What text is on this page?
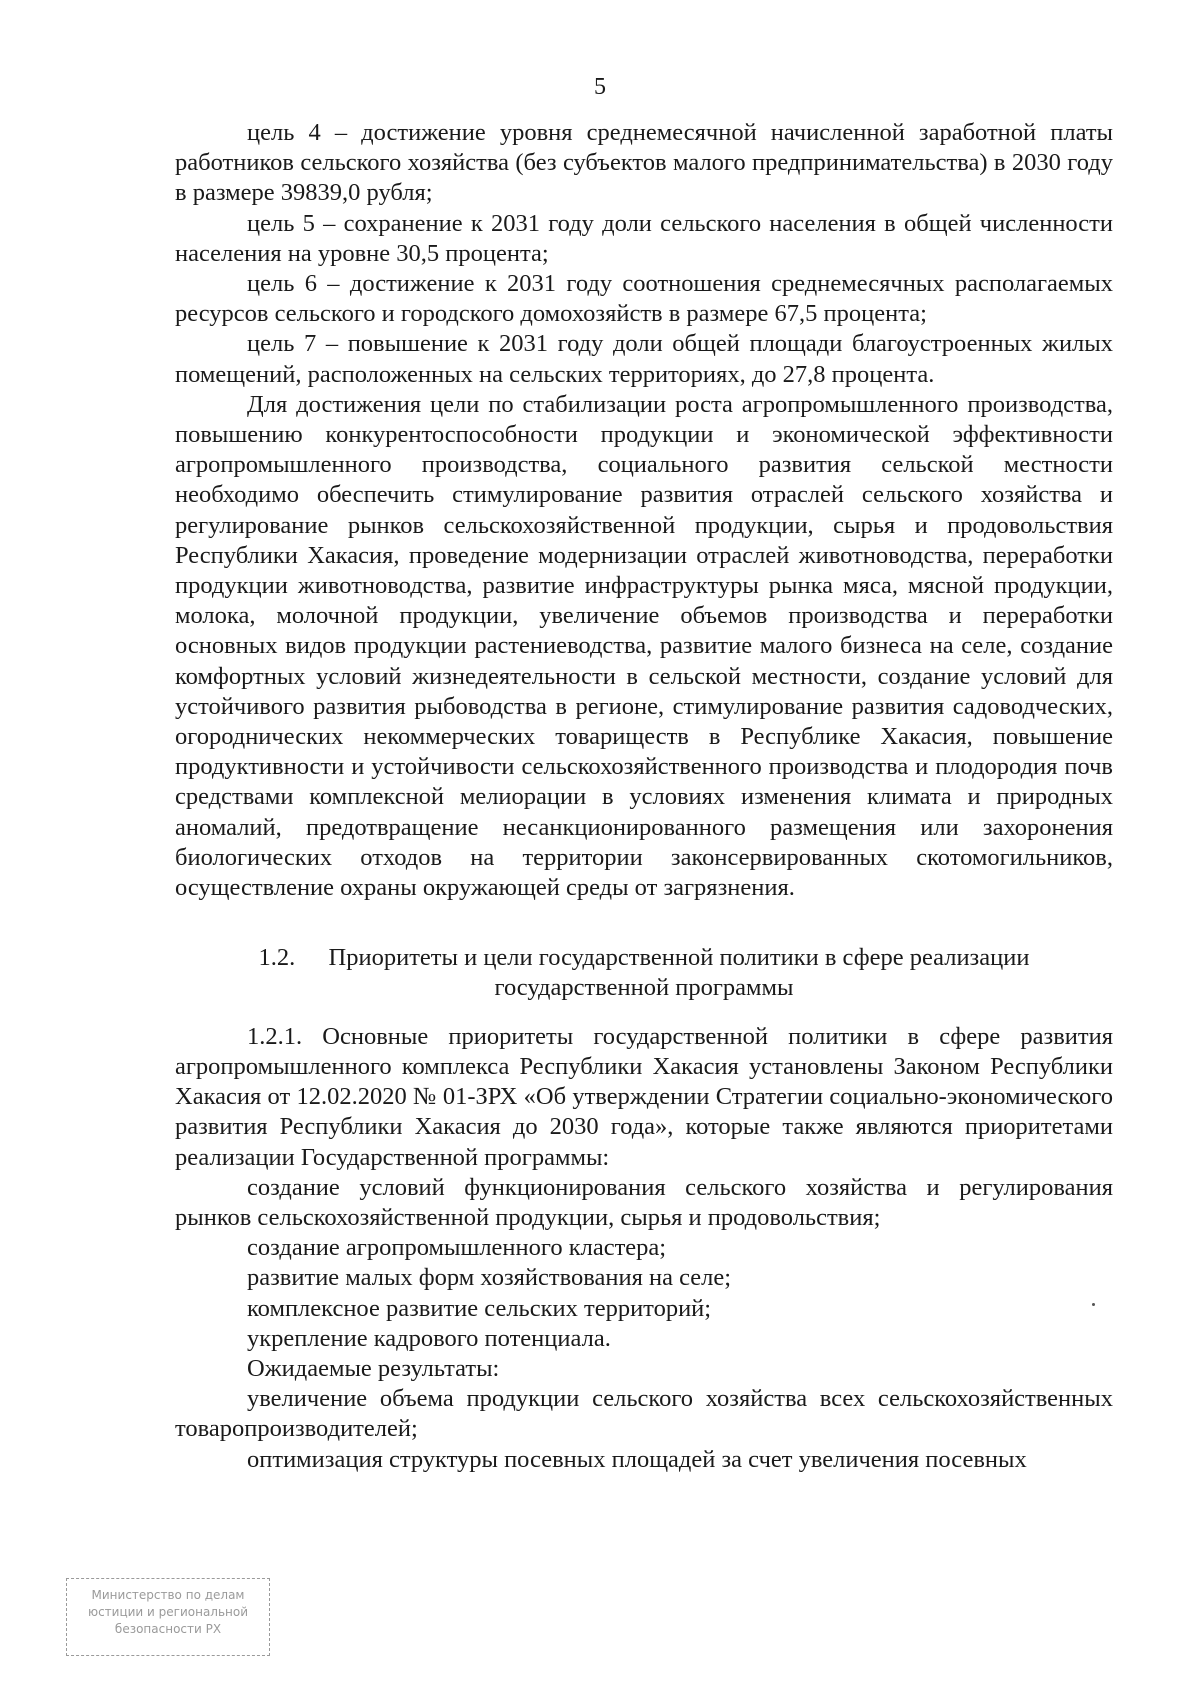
5

цель 4 – достижение уровня среднемесячной начисленной заработной платы работников сельского хозяйства (без субъектов малого предпринимательства) в 2030 году в размере 39839,0 рубля;

цель 5 – сохранение к 2031 году доли сельского населения в общей численности населения на уровне 30,5 процента;

цель 6 – достижение к 2031 году соотношения среднемесячных располагаемых ресурсов сельского и городского домохозяйств в размере 67,5 процента;

цель 7 – повышение к 2031 году доли общей площади благоустроенных жилых помещений, расположенных на сельских территориях, до 27,8 процента.

Для достижения цели по стабилизации роста агропромышленного производства, повышению конкурентоспособности продукции и экономической эффективности агропромышленного производства, социального развития сельской местности необходимо обеспечить стимулирование развития отраслей сельского хозяйства и регулирование рынков сельскохозяйственной продукции, сырья и продовольствия Республики Хакасия, проведение модернизации отраслей животноводства, переработки продукции животноводства, развитие инфраструктуры рынка мяса, мясной продукции, молока, молочной продукции, увеличение объемов производства и переработки основных видов продукции растениеводства, развитие малого бизнеса на селе, создание комфортных условий жизнедеятельности в сельской местности, создание условий для устойчивого развития рыбоводства в регионе, стимулирование развития садоводческих, огороднических некоммерческих товариществ в Республике Хакасия, повышение продуктивности и устойчивости сельскохозяйственного производства и плодородия почв средствами комплексной мелиорации в условиях изменения климата и природных аномалий, предотвращение несанкционированного размещения или захоронения биологических отходов на территории законсервированных скотомогильников, осуществление охраны окружающей среды от загрязнения.

1.2. Приоритеты и цели государственной политики в сфере реализации
государственной программы

1.2.1. Основные приоритеты государственной политики в сфере развития агропромышленного комплекса Республики Хакасия установлены Законом Республики Хакасия от 12.02.2020 № 01-ЗРХ «Об утверждении Стратегии социально-экономического развития Республики Хакасия до 2030 года», которые также являются приоритетами реализации Государственной программы:

создание условий функционирования сельского хозяйства и регулирования рынков сельскохозяйственной продукции, сырья и продовольствия;

создание агропромышленного кластера;

развитие малых форм хозяйствования на селе;

комплексное развитие сельских территорий;

укрепление кадрового потенциала.

Ожидаемые результаты:

увеличение объема продукции сельского хозяйства всех сельскохозяйственных товаропроизводителей;

оптимизация структуры посевных площадей за счет увеличения посевных

Министерство по делам
юстиции и региональной
безопасности РХ
